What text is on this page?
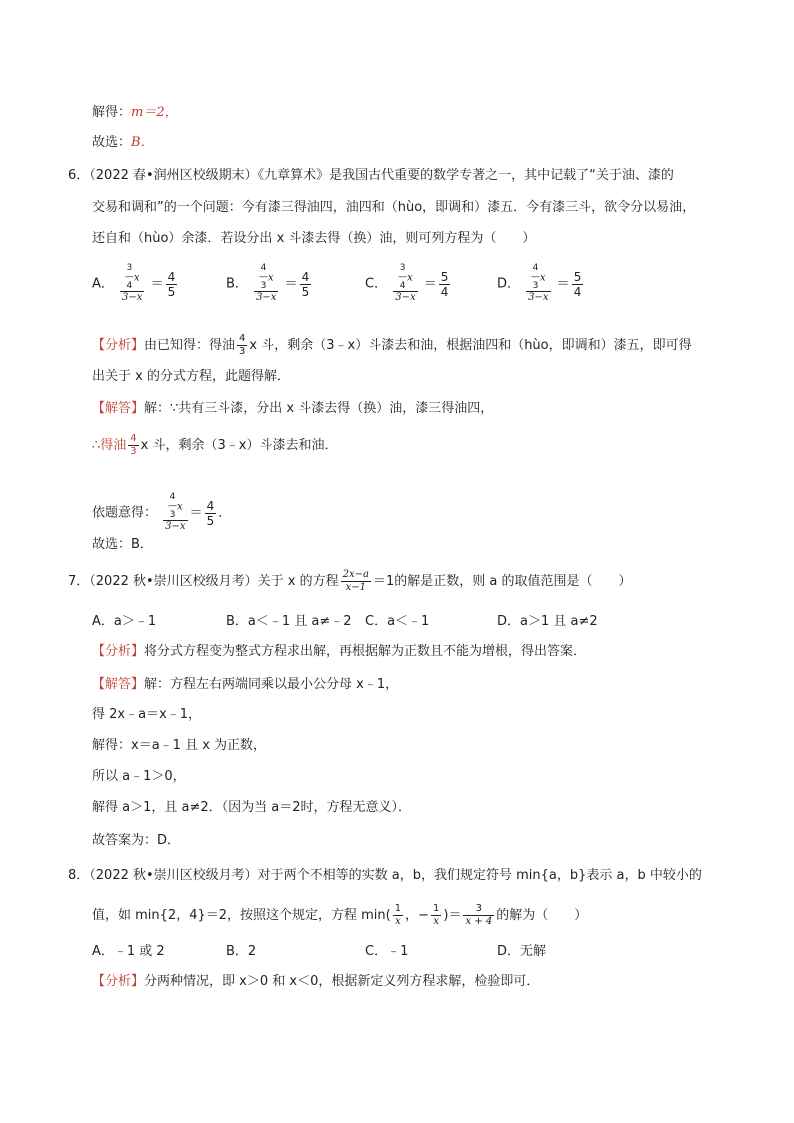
解得：m＝2，
故选：B．
6．（2022 春•润州区校级期末）《九章算术》是我国古代重要的数学专著之一，其中记载了“关于油、漆的
交易和调和”的一个问题：今有漆三得油四，油四和（hùo，即调和）漆五．今有漆三斗，欲令分以易油，
还自和（hùo）余漆．若设分出 x 斗漆去得（换）油，则可列方程为（　　）
A．
3
—
4x
3−x
＝ $\frac{4}{5}$	B．
4
—
3x
3−x
＝ $\frac{4}{5}$	C．
3
—
4x
3−x
＝ $\frac{5}{4}$	D．
4
—
3x
3−x
＝ $\frac{5}{4}$
【分析】由已知得：得油 $\frac{4}{3}$ x 斗，剩余（3﹣x）斗漆去和油，根据油四和（hùo，即调和）漆五，即可得
出关于 x 的分式方程，此题得解．
【解答】解：∵共有三斗漆，分出 x 斗漆去得（换）油，漆三得油四，
∴得油 $\frac{4}{3}$ x 斗，剩余（3﹣x）斗漆去和油．
依题意得：
4
—
3x
3−x
＝ $\frac{4}{5}$ ．
故选：B．
7．（2022 秋•崇川区校级月考）关于 x 的方程 $\frac{2x-a}{x-1} =1$的解是正数，则 a 的取值范围是（　　）
A．a＞﹣1	B．a＜﹣1 且 a≠﹣2 C．a＜﹣1	D．a＞1 且 a≠2
【分析】将分式方程变为整式方程求出解，再根据解为正数且不能为增根，得出答案．
【解答】解：方程左右两端同乘以最小公分母 x﹣1，
得 2x﹣a＝x﹣1，
解得：x＝a﹣1 且 x 为正数，
所以 a﹣1＞0，
解得 a＞1，且 a≠2．（因为当 a＝2时，方程无意义）．
故答案为：D．
8．（2022 秋•崇川区校级月考）对于两个不相等的实数 a，b，我们规定符号 min{a，b}表示 a，b 中较小的
值，如 min{2，4}＝2，按照这个规定，方程 $\min( \frac{1}{x}$ ，− $\frac{1}{x}$ )＝ $\frac{3}{x + 4}$ 的解为（　　）
A．﹣1 或 2	B．2	C．﹣1	D．无解
【分析】分两种情况，即 x＞0 和 x＜0，根据新定义列方程求解，检验即可．
